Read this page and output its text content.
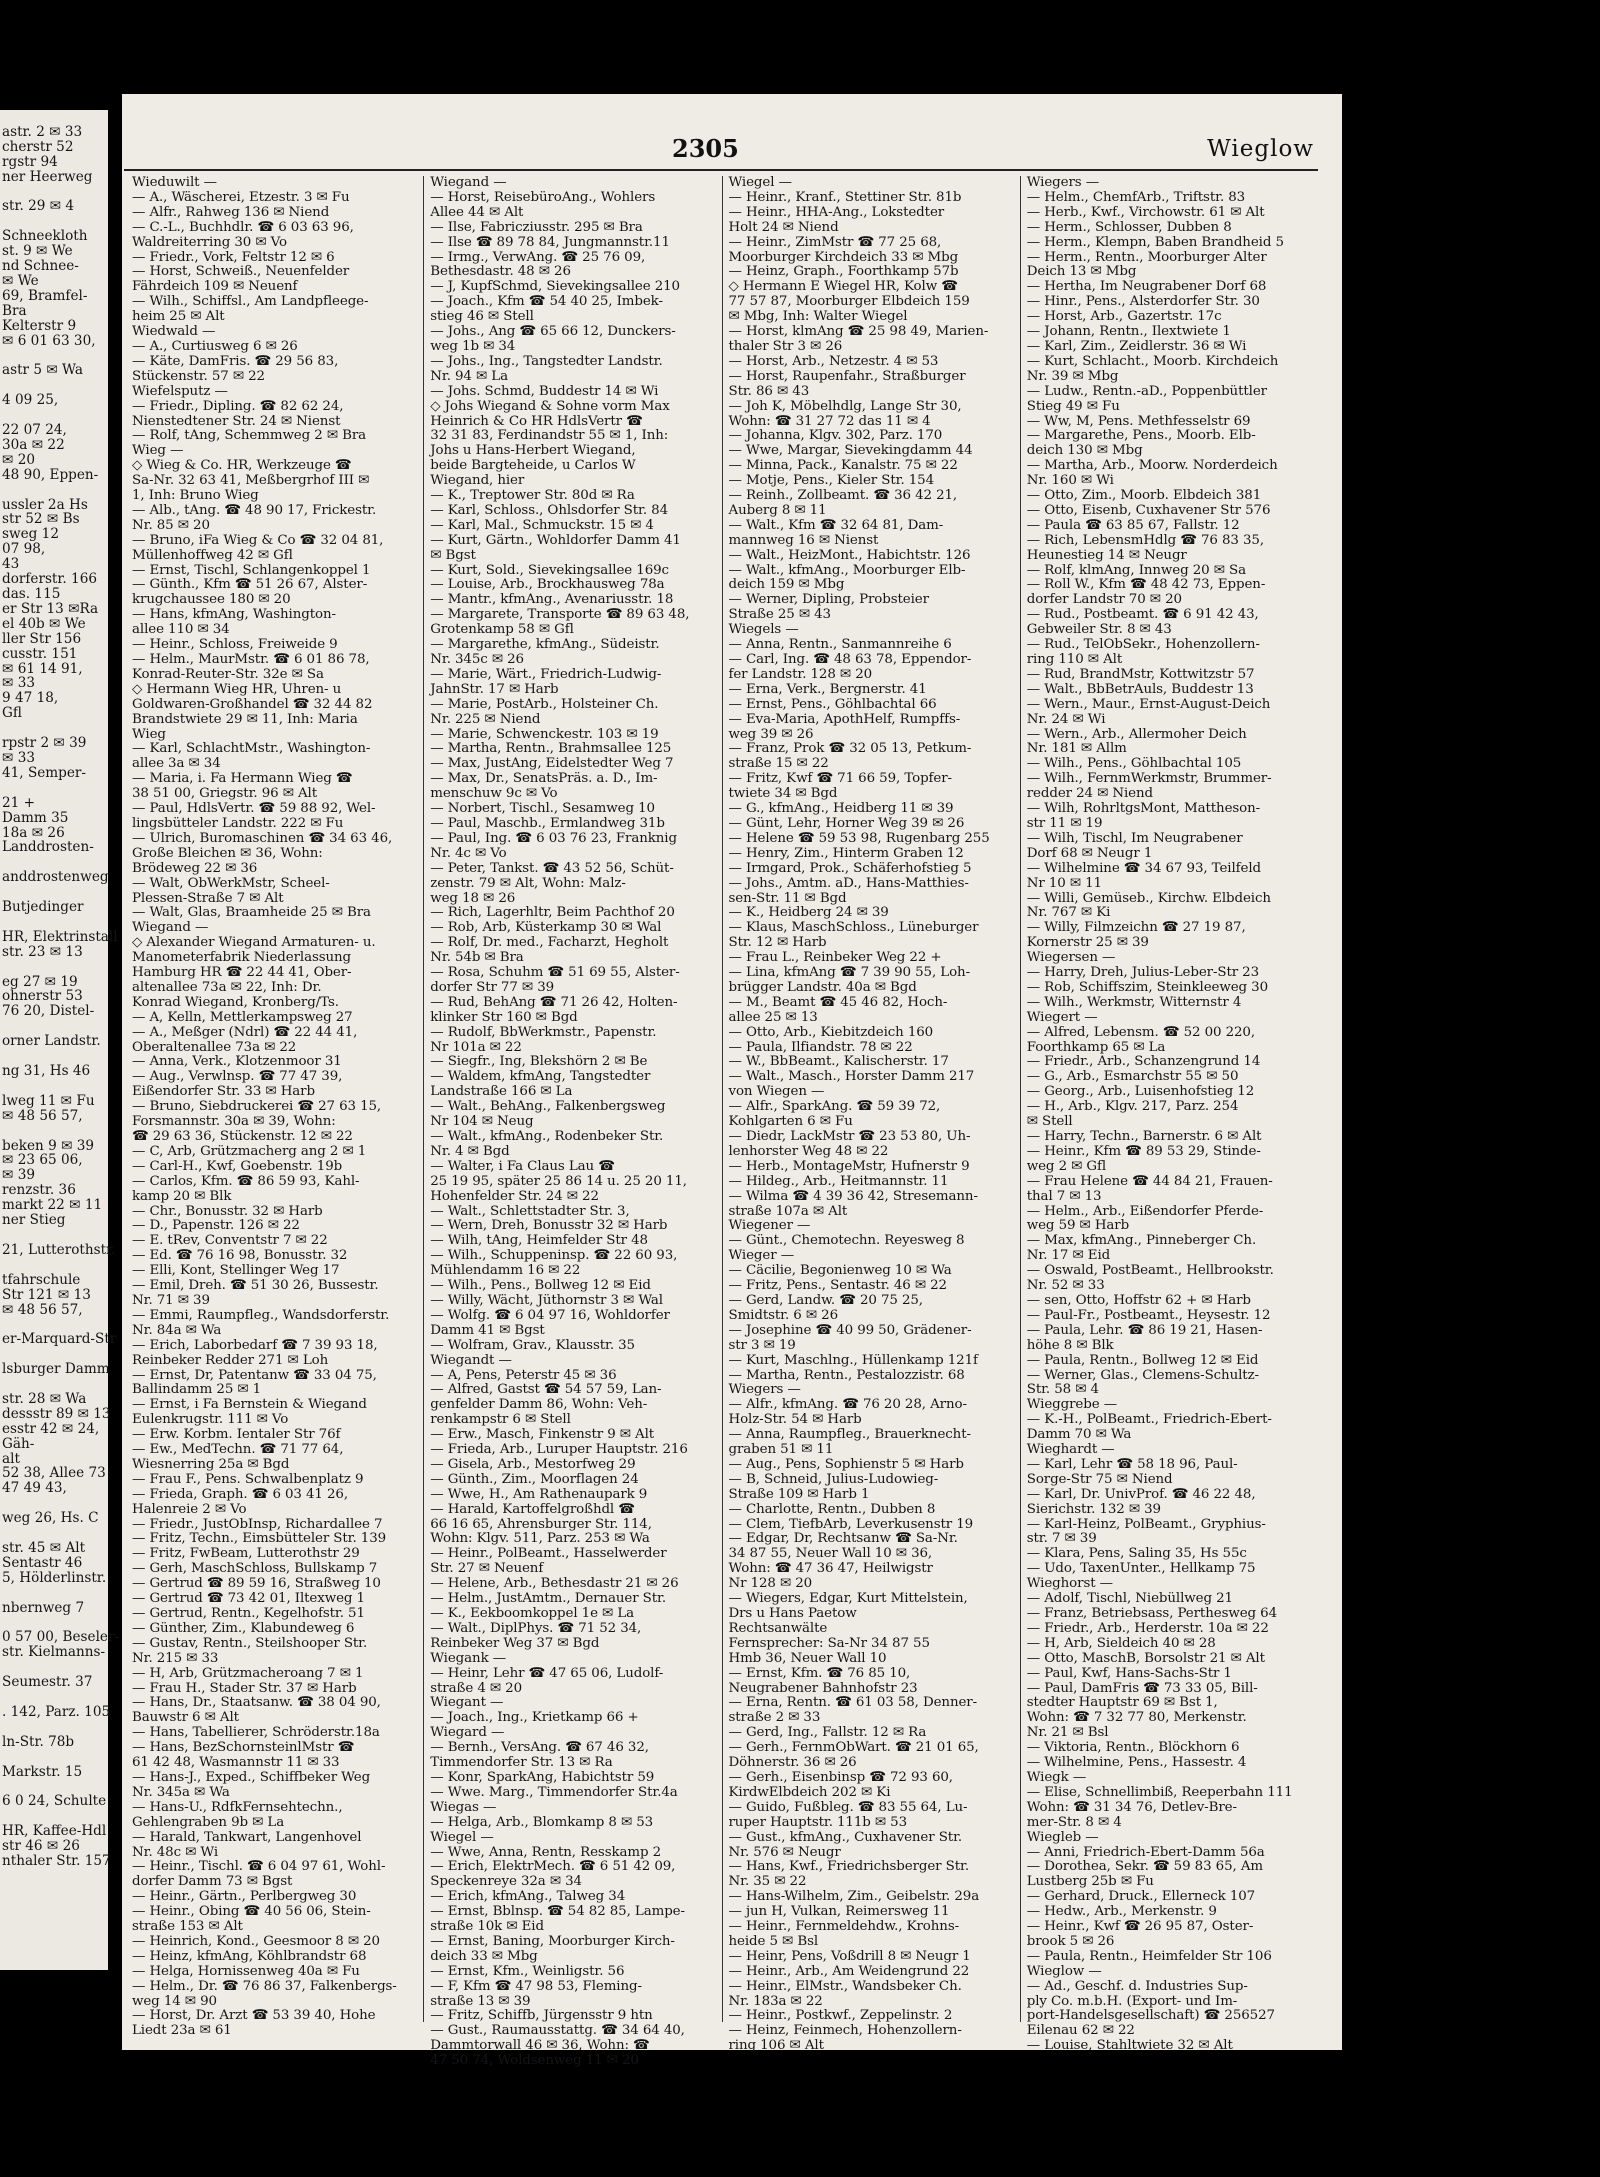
astr. 2 ✉ 33
cherstr 52
rgstr 94
ner Heerweg

str. 29 ✉ 4

Schneekloth
st. 9 ✉ We
nd Schnee-
✉ We
69, Bramfel-
Bra
Kelterstr 9
✉ 6 01 63 30,

astr 5 ✉ Wa

4 09 25,

22 07 24,
30a ✉ 22
✉ 20
48 90, Eppen-

ussler 2a Hs
str 52 ✉ Bs
sweg 12
07 98,
43
dorferstr. 166
das. 115
er Str 13 ✉Ra
el 40b ✉ We
ller Str 156
cusstr. 151
✉ 61 14 91,
✉ 33
9 47 18,
Gfl

rpstr 2 ✉ 39
✉ 33
41, Semper-

21 +
Damm 35
18a ✉ 26
Landdrosten-

anddrostenweg

Butjedinger

HR, Elektrinstall
str. 23 ✉ 13

eg 27 ✉ 19
ohnerstr 53
76 20, Distel-

orner Landstr.

ng 31, Hs 46

lweg 11 ✉ Fu
✉ 48 56 57,

beken 9 ✉ 39
✉ 23 65 06,
✉ 39
renzstr. 36
markt 22 ✉ 11
ner Stieg

21, Lutterothstr.

tfahrschule
Str 121 ✉ 13
✉ 48 56 57,

er-Marquard-Str

lsburger Damm

str. 28 ✉ Wa
dessstr 89 ✉ 13
esstr 42 ✉ 24,
Gäh-
alt
52 38, Allee 73
47 49 43,

weg 26, Hs. C

str. 45 ✉ Alt
Sentastr 46
5, Hölderlinstr.

nbernweg 7

0 57 00, Beseler-
str. Kielmanns-

Seumestr. 37

. 142, Parz. 105

ln-Str. 78b

Markstr. 15

6 0 24, Schulte

HR, Kaffee-Hdl
str 46 ✉ 26
nthaler Str. 157
2305	Wieglow
Wieduwilt —
— A., Wäscherei, Etzestr. 3 ✉ Fu
— Alfr., Rahweg 136 ✉ Niend
— C.-L., Buchhdlr. ☎ 6 03 63 96,
Waldreiterring 30 ✉ Vo
— Friedr., Vork, Feltstr 12 ✉ 6
— Horst, Schweiß., Neuenfelder
Fährdeich 109 ✉ Neuenf
— Wilh., Schiffsl., Am Landpfleege-
heim 25 ✉ Alt
Wiedwald —
— A., Curtiusweg 6 ✉ 26
— Käte, DamFris. ☎ 29 56 83,
Stückenstr. 57 ✉ 22
Wiefelsputz —
— Friedr., Dipling. ☎ 82 62 24,
Nienstedtener Str. 24 ✉ Nienst
— Rolf, tAng, Schemmweg 2 ✉ Bra
Wieg —
◇ Wieg & Co. HR, Werkzeuge ☎
Sa-Nr. 32 63 41, Meßbergrhof III ✉
1, Inh: Bruno Wieg
— Alb., tAng. ☎ 48 90 17, Frickestr.
Nr. 85 ✉ 20
— Bruno, iFa Wieg & Co ☎ 32 04 81,
Müllenhoffweg 42 ✉ Gfl
— Ernst, Tischl, Schlangenkoppel 1
— Günth., Kfm ☎ 51 26 67, Alster-
krugchaussee 180 ✉ 20
— Hans, kfmAng, Washington-
allee 110 ✉ 34
— Heinr., Schloss, Freiweide 9
— Helm., MaurMstr. ☎ 6 01 86 78,
Konrad-Reuter-Str. 32e ✉ Sa
◇ Hermann Wieg HR, Uhren- u
Goldwaren-Großhandel ☎ 32 44 82
Brandstwiete 29 ✉ 11, Inh: Maria
Wieg
— Karl, SchlachtMstr., Washington-
allee 3a ✉ 34
— Maria, i. Fa Hermann Wieg ☎
38 51 00, Griegstr. 96 ✉ Alt
— Paul, HdlsVertr. ☎ 59 88 92, Wel-
lingsbütteler Landstr. 222 ✉ Fu
— Ulrich, Buromaschinen ☎ 34 63 46,
Große Bleichen ✉ 36, Wohn:
Brödeweg 22 ✉ 36
— Walt, ObWerkMstr, Scheel-
Plessen-Straße 7 ✉ Alt
— Walt, Glas, Braamheide 25 ✉ Bra
Wiegand —
◇ Alexander Wiegand Armaturen- u.
Manometerfabrik Niederlassung
Hamburg HR ☎ 22 44 41, Ober-
altenallee 73a ✉ 22, Inh: Dr.
Konrad Wiegand, Kronberg/Ts.
— A, Kelln, Mettlerkampsweg 27
— A., Meßger (Ndrl) ☎ 22 44 41,
Oberaltenallee 73a ✉ 22
— Anna, Verk., Klotzenmoor 31
— Aug., Verwlnsp. ☎ 77 47 39,
Eißendorfer Str. 33 ✉ Harb
— Bruno, Siebdruckerei ☎ 27 63 15,
Forsmannstr. 30a ✉ 39, Wohn:
☎ 29 63 36, Stückenstr. 12 ✉ 22
— C, Arb, Grützmacherg ang 2 ✉ 1
— Carl-H., Kwf, Goebenstr. 19b
— Carlos, Kfm. ☎ 86 59 93, Kahl-
kamp 20 ✉ Blk
— Chr., Bonusstr. 32 ✉ Harb
— D., Papenstr. 126 ✉ 22
— E. tRev, Conventstr 7 ✉ 22
— Ed. ☎ 76 16 98, Bonusstr. 32
— Elli, Kont, Stellinger Weg 17
— Emil, Dreh. ☎ 51 30 26, Bussestr.
Nr. 71 ✉ 39
— Emmi, Raumpfleg., Wandsdorferstr.
Nr. 84a ✉ Wa
— Erich, Laborbedarf ☎ 7 39 93 18,
Reinbeker Redder 271 ✉ Loh
— Ernst, Dr, Patentanw ☎ 33 04 75,
Ballindamm 25 ✉ 1
— Ernst, i Fa Bernstein & Wiegand
Eulenkrugstr. 111 ✉ Vo
— Erw. Korbm. Ientaler Str 76f
— Ew., MedTechn. ☎ 71 77 64,
Wiesnerring 25a ✉ Bgd
— Frau F., Pens. Schwalbenplatz 9
— Frieda, Graph. ☎ 6 03 41 26,
Halenreie 2 ✉ Vo
— Friedr., JustObInsp, Richardallee 7
— Fritz, Techn., Eimsbütteler Str. 139
— Fritz, FwBeam, Lutterothstr 29
— Gerh, MaschSchloss, Bullskamp 7
— Gertrud ☎ 89 59 16, Straßweg 10
— Gertrud ☎ 73 42 01, Iltexweg 1
— Gertrud, Rentn., Kegelhofstr. 51
— Günther, Zim., Klabundeweg 6
— Gustav, Rentn., Steilshooper Str.
Nr. 215 ✉ 33
— H, Arb, Grützmacheroang 7 ✉ 1
— Frau H., Stader Str. 37 ✉ Harb
— Hans, Dr., Staatsanw. ☎ 38 04 90,
Bauwstr 6 ✉ Alt
— Hans, Tabellierer, Schröderstr.18a
— Hans, BezSchornsteinlMstr ☎
61 42 48, Wasmannstr 11 ✉ 33
— Hans-J., Exped., Schiffbeker Weg
Nr. 345a ✉ Wa
— Hans-U., RdfkFernsehtechn.,
Gehlengraben 9b ✉ La
— Harald, Tankwart, Langenhovel
Nr. 48c ✉ Wi
— Heinr., Tischl. ☎ 6 04 97 61, Wohl-
dorfer Damm 73 ✉ Bgst
— Heinr., Gärtn., Perlbergweg 30
— Heinr., Obing ☎ 40 56 06, Stein-
straße 153 ✉ Alt
— Heinrich, Kond., Geesmoor 8 ✉ 20
— Heinz, kfmAng, Köhlbrandstr 68
— Helga, Hornissenweg 40a ✉ Fu
— Helm., Dr. ☎ 76 86 37, Falkenbergs-
weg 14 ✉ 90
— Horst, Dr. Arzt ☎ 53 39 40, Hohe
Liedt 23a ✉ 61
Wiegand —
— Horst, ReisebüroAng., Wohlers
Allee 44 ✉ Alt
— Ilse, Fabricziusstr. 295 ✉ Bra
— Ilse ☎ 89 78 84, Jungmannstr.11
— Irmg., VerwAng. ☎ 25 76 09,
Bethesdastr. 48 ✉ 26
— J, KupfSchmd, Sievekingsallee 210
— Joach., Kfm ☎ 54 40 25, Imbek-
stieg 46 ✉ Stell
— Johs., Ang ☎ 65 66 12, Dunckers-
weg 1b ✉ 34
— Johs., Ing., Tangstedter Landstr.
Nr. 94 ✉ La
— Johs. Schmd, Buddestr 14 ✉ Wi
◇ Johs Wiegand & Sohne vorm Max
Heinrich & Co HR HdlsVertr ☎
32 31 83, Ferdinandstr 55 ✉ 1, Inh:
Johs u Hans-Herbert Wiegand,
beide Bargteheide, u Carlos W
Wiegand, hier
— K., Treptower Str. 80d ✉ Ra
— Karl, Schloss., Ohlsdorfer Str. 84
— Karl, Mal., Schmuckstr. 15 ✉ 4
— Kurt, Gärtn., Wohldorfer Damm 41
✉ Bgst
— Kurt, Sold., Sievekingsallee 169c
— Louise, Arb., Brockhausweg 78a
— Mantr., kfmAng., Avenariusstr. 18
— Margarete, Transporte ☎ 89 63 48,
Grotenkamp 58 ✉ Gfl
— Margarethe, kfmAng., Südeistr.
Nr. 345c ✉ 26
— Marie, Wärt., Friedrich-Ludwig-
JahnStr. 17 ✉ Harb
— Marie, PostArb., Holsteiner Ch.
Nr. 225 ✉ Niend
— Marie, Schwenckestr. 103 ✉ 19
— Martha, Rentn., Brahmsallee 125
— Max, JustAng, Eidelstedter Weg 7
— Max, Dr., SenatsPräs. a. D., Im-
menschuw 9c ✉ Vo
— Norbert, Tischl., Sesamweg 10
— Paul, Maschb., Ermlandweg 31b
— Paul, Ing. ☎ 6 03 76 23, Franknig
Nr. 4c ✉ Vo
— Peter, Tankst. ☎ 43 52 56, Schüt-
zenstr. 79 ✉ Alt, Wohn: Malz-
weg 18 ✉ 26
— Rich, Lagerhltr, Beim Pachthof 20
— Rob, Arb, Küsterkamp 30 ✉ Wal
— Rolf, Dr. med., Facharzt, Hegholt
Nr. 54b ✉ Bra
— Rosa, Schuhm ☎ 51 69 55, Alster-
dorfer Str 77 ✉ 39
— Rud, BehAng ☎ 71 26 42, Holten-
klinker Str 160 ✉ Bgd
— Rudolf, BbWerkmstr., Papenstr.
Nr 101a ✉ 22
— Siegfr., Ing, Blekshörn 2 ✉ Be
— Waldem, kfmAng, Tangstedter
Landstraße 166 ✉ La
— Walt., BehAng., Falkenbergsweg
Nr 104 ✉ Neug
— Walt., kfmAng., Rodenbeker Str.
Nr. 4 ✉ Bgd
— Walter, i Fa Claus Lau ☎
25 19 95, später 25 86 14 u. 25 20 11,
Hohenfelder Str. 24 ✉ 22
— Walt., Schlettstadter Str. 3,
— Wern, Dreh, Bonusstr 32 ✉ Harb
— Wilh, tAng, Heimfelder Str 48
— Wilh., Schuppeninsp. ☎ 22 60 93,
Mühlendamm 16 ✉ 22
— Wilh., Pens., Bollweg 12 ✉ Eid
— Willy, Wächt, Jüthornstr 3 ✉ Wal
— Wolfg. ☎ 6 04 97 16, Wohldorfer
Damm 41 ✉ Bgst
— Wolfram, Grav., Klausstr. 35
Wiegandt —
— A, Pens, Peterstr 45 ✉ 36
— Alfred, Gastst ☎ 54 57 59, Lan-
genfelder Damm 86, Wohn: Veh-
renkampstr 6 ✉ Stell
— Erw., Masch, Finkenstr 9 ✉ Alt
— Frieda, Arb., Luruper Hauptstr. 216
— Gisela, Arb., Mestorfweg 29
— Günth., Zim., Moorflagen 24
— Wwe, H., Am Rathenaupark 9
— Harald, Kartoffelgroßhdl ☎
66 16 65, Ahrensburger Str. 114,
Wohn: Klgv. 511, Parz. 253 ✉ Wa
— Heinr., PolBeamt., Hasselwerder
Str. 27 ✉ Neuenf
— Helene, Arb., Bethesdastr 21 ✉ 26
— Helm., JustAmtm., Dernauer Str.
— K., Eekboomkoppel 1e ✉ La
— Walt., DiplPhys. ☎ 71 52 34,
Reinbeker Weg 37 ✉ Bgd
Wiegank —
— Heinr, Lehr ☎ 47 65 06, Ludolf-
straße 4 ✉ 20
Wiegant —
— Joach., Ing., Krietkamp 66 +
Wiegard —
— Bernh., VersAng. ☎ 67 46 32,
Timmendorfer Str. 13 ✉ Ra
— Konr, SparkAng, Habichtstr 59
— Wwe. Marg., Timmendorfer Str.4a
Wiegas —
— Helga, Arb., Blomkamp 8 ✉ 53
Wiegel —
— Wwe, Anna, Rentn, Resskamp 2
— Erich, ElektrMech. ☎ 6 51 42 09,
Speckenreye 32a ✉ 34
— Erich, kfmAng., Talweg 34
— Ernst, Bblnsp. ☎ 54 82 85, Lampe-
straße 10k ✉ Eid
— Ernst, Baning, Moorburger Kirch-
deich 33 ✉ Mbg
— Ernst, Kfm., Weinligstr. 56
— F, Kfm ☎ 47 98 53, Fleming-
straße 13 ✉ 39
— Fritz, Schiffb, Jürgensstr 9 htn
— Gust., Raumausstattg. ☎ 34 64 40,
Dammtorwall 46 ✉ 36, Wohn: ☎
47 50 74, Woldsenweg 11 ✉ 20
Wiegel —
— Heinr., Kranf., Stettiner Str. 81b
— Heinr., HHA-Ang., Lokstedter
Holt 24 ✉ Niend
— Heinr., ZimMstr ☎ 77 25 68,
Moorburger Kirchdeich 33 ✉ Mbg
— Heinz, Graph., Foorthkamp 57b
◇ Hermann E Wiegel HR, Kolw ☎
77 57 87, Moorburger Elbdeich 159
✉ Mbg, Inh: Walter Wiegel
— Horst, klmAng ☎ 25 98 49, Marien-
thaler Str 3 ✉ 26
— Horst, Arb., Netzestr. 4 ✉ 53
— Horst, Raupenfahr., Straßburger
Str. 86 ✉ 43
— Joh K, Möbelhdlg, Lange Str 30,
Wohn: ☎ 31 27 72 das 11 ✉ 4
— Johanna, Klgv. 302, Parz. 170
— Wwe, Margar, Sievekingdamm 44
— Minna, Pack., Kanalstr. 75 ✉ 22
— Motje, Pens., Kieler Str. 154
— Reinh., Zollbeamt. ☎ 36 42 21,
Auberg 8 ✉ 11
— Walt., Kfm ☎ 32 64 81, Dam-
mannweg 16 ✉ Nienst
— Walt., HeizMont., Habichtstr. 126
— Walt., kfmAng., Moorburger Elb-
deich 159 ✉ Mbg
— Werner, Dipling, Probsteier
Straße 25 ✉ 43
Wiegels —
— Anna, Rentn., Sanmannreihe 6
— Carl, Ing. ☎ 48 63 78, Eppendor-
fer Landstr. 128 ✉ 20
— Erna, Verk., Bergnerstr. 41
— Ernst, Pens., Göhlbachtal 66
— Eva-Maria, ApothHelf, Rumpffs-
weg 39 ✉ 26
— Franz, Prok ☎ 32 05 13, Petkum-
straße 15 ✉ 22
— Fritz, Kwf ☎ 71 66 59, Topfer-
twiete 34 ✉ Bgd
— G., kfmAng., Heidberg 11 ✉ 39
— Günt, Lehr, Horner Weg 39 ✉ 26
— Helene ☎ 59 53 98, Rugenbarg 255
— Henry, Zim., Hinterm Graben 12
— Irmgard, Prok., Schäferhofstieg 5
— Johs., Amtm. aD., Hans-Matthies-
sen-Str. 11 ✉ Bgd
— K., Heidberg 24 ✉ 39
— Klaus, MaschSchloss., Lüneburger
Str. 12 ✉ Harb
— Frau L., Reinbeker Weg 22 +
— Lina, kfmAng ☎ 7 39 90 55, Loh-
brügger Landstr. 40a ✉ Bgd
— M., Beamt ☎ 45 46 82, Hoch-
allee 25 ✉ 13
— Otto, Arb., Kiebitzdeich 160
— Paula, Ilfiandstr. 78 ✉ 22
— W., BbBeamt., Kalischerstr. 17
— Walt., Masch., Horster Damm 217
von Wiegen —
— Alfr., SparkAng. ☎ 59 39 72,
Kohlgarten 6 ✉ Fu
— Diedr, LackMstr ☎ 23 53 80, Uh-
lenhorster Weg 48 ✉ 22
— Herb., MontageMstr, Hufnerstr 9
— Hildeg., Arb., Heitmannstr. 11
— Wilma ☎ 4 39 36 42, Stresemann-
straße 107a ✉ Alt
Wiegener —
— Günt., Chemotechn. Reyesweg 8
Wieger —
— Cäcilie, Begonienweg 10 ✉ Wa
— Fritz, Pens., Sentastr. 46 ✉ 22
— Gerd, Landw. ☎ 20 75 25,
Smidtstr. 6 ✉ 26
— Josephine ☎ 40 99 50, Grädener-
str 3 ✉ 19
— Kurt, Maschlng., Hüllenkamp 121f
— Martha, Rentn., Pestalozzistr. 68
Wiegers —
— Alfr., kfmAng. ☎ 76 20 28, Arno-
Holz-Str. 54 ✉ Harb
— Anna, Raumpfleg., Brauerknecht-
graben 51 ✉ 11
— Aug., Pens, Sophienstr 5 ✉ Harb
— B, Schneid, Julius-Ludowieg-
Straße 109 ✉ Harb 1
— Charlotte, Rentn., Dubben 8
— Clem, TiefbArb, Leverkusenstr 19
— Edgar, Dr, Rechtsanw ☎ Sa-Nr.
34 87 55, Neuer Wall 10 ✉ 36,
Wohn: ☎ 47 36 47, Heilwigstr
Nr 128 ✉ 20
— Wiegers, Edgar, Kurt Mittelstein,
Drs u Hans Paetow
Rechtsanwälte
Fernsprecher: Sa-Nr 34 87 55
Hmb 36, Neuer Wall 10
— Ernst, Kfm. ☎ 76 85 10,
Neugrabener Bahnhofstr 23
— Erna, Rentn. ☎ 61 03 58, Denner-
straße 2 ✉ 33
— Gerd, Ing., Fallstr. 12 ✉ Ra
— Gerh., FernmObWart. ☎ 21 01 65,
Döhnerstr. 36 ✉ 26
— Gerh., Eisenbinsp ☎ 72 93 60,
KirdwElbdeich 202 ✉ Ki
— Guido, Fußbleg. ☎ 83 55 64, Lu-
ruper Hauptstr. 111b ✉ 53
— Gust., kfmAng., Cuxhavener Str.
Nr. 576 ✉ Neugr
— Hans, Kwf., Friedrichsberger Str.
Nr. 35 ✉ 22
— Hans-Wilhelm, Zim., Geibelstr. 29a
— jun H, Vulkan, Reimersweg 11
— Heinr., Fernmeldehdw., Krohns-
heide 5 ✉ Bsl
— Heinr, Pens, Voßdrill 8 ✉ Neugr 1
— Heinr., Arb., Am Weidengrund 22
— Heinr., ElMstr., Wandsbeker Ch.
Nr. 183a ✉ 22
— Heinr., Postkwf., Zeppelinstr. 2
— Heinz, Feinmech, Hohenzollern-
ring 106 ✉ Alt
Wiegers —
— Helm., ChemfArb., Triftstr. 83
— Herb., Kwf., Virchowstr. 61 ✉ Alt
— Herm., Schlosser, Dubben 8
— Herm., Klempn, Baben Brandheid 5
— Herm., Rentn., Moorburger Alter
Deich 13 ✉ Mbg
— Hertha, Im Neugrabener Dorf 68
— Hinr., Pens., Alsterdorfer Str. 30
— Horst, Arb., Gazertstr. 17c
— Johann, Rentn., Ilextwiete 1
— Karl, Zim., Zeidlerstr. 36 ✉ Wi
— Kurt, Schlacht., Moorb. Kirchdeich
Nr. 39 ✉ Mbg
— Ludw., Rentn.-aD., Poppenbüttler
Stieg 49 ✉ Fu
— Ww, M, Pens. Methfesselstr 69
— Margarethe, Pens., Moorb. Elb-
deich 130 ✉ Mbg
— Martha, Arb., Moorw. Norderdeich
Nr. 160 ✉ Wi
— Otto, Zim., Moorb. Elbdeich 381
— Otto, Eisenb, Cuxhavener Str 576
— Paula ☎ 63 85 67, Fallstr. 12
— Rich, LebensmHdlg ☎ 76 83 35,
Heunestieg 14 ✉ Neugr
— Rolf, klmAng, Innweg 20 ✉ Sa
— Roll W., Kfm ☎ 48 42 73, Eppen-
dorfer Landstr 70 ✉ 20
— Rud., Postbeamt. ☎ 6 91 42 43,
Gebweiler Str. 8 ✉ 43
— Rud., TelObSekr., Hohenzollern-
ring 110 ✉ Alt
— Rud, BrandMstr, Kottwitzstr 57
— Walt., BbBetrAuls, Buddestr 13
— Wern., Maur., Ernst-August-Deich
Nr. 24 ✉ Wi
— Wern., Arb., Allermoher Deich
Nr. 181 ✉ Allm
— Wilh., Pens., Göhlbachtal 105
— Wilh., FernmWerkmstr, Brummer-
redder 24 ✉ Niend
— Wilh, RohrltgsMont, Mattheson-
str 11 ✉ 19
— Wilh, Tischl, Im Neugrabener
Dorf 68 ✉ Neugr 1
— Wilhelmine ☎ 34 67 93, Teilfeld
Nr 10 ✉ 11
— Willi, Gemüseb., Kirchw. Elbdeich
Nr. 767 ✉ Ki
— Willy, Filmzeichn ☎ 27 19 87,
Kornerstr 25 ✉ 39
Wiegersen —
— Harry, Dreh, Julius-Leber-Str 23
— Rob, Schiffszim, Steinkleeweg 30
— Wilh., Werkmstr, Witternstr 4
Wiegert —
— Alfred, Lebensm. ☎ 52 00 220,
Foorthkamp 65 ✉ La
— Friedr., Arb., Schanzengrund 14
— G., Arb., Esmarchstr 55 ✉ 50
— Georg., Arb., Luisenhofstieg 12
— H., Arb., Klgv. 217, Parz. 254
✉ Stell
— Harry, Techn., Barnerstr. 6 ✉ Alt
— Heinr., Kfm ☎ 89 53 29, Stinde-
weg 2 ✉ Gfl
— Frau Helene ☎ 44 84 21, Frauen-
thal 7 ✉ 13
— Helm., Arb., Eißendorfer Pferde-
weg 59 ✉ Harb
— Max, kfmAng., Pinneberger Ch.
Nr. 17 ✉ Eid
— Oswald, PostBeamt., Hellbrookstr.
Nr. 52 ✉ 33
— sen, Otto, Hoffstr 62 + ✉ Harb
— Paul-Fr., Postbeamt., Heysestr. 12
— Paula, Lehr. ☎ 86 19 21, Hasen-
höhe 8 ✉ Blk
— Paula, Rentn., Bollweg 12 ✉ Eid
— Werner, Glas., Clemens-Schultz-
Str. 58 ✉ 4
Wieggrebe —
— K.-H., PolBeamt., Friedrich-Ebert-
Damm 70 ✉ Wa
Wieghardt —
— Karl, Lehr ☎ 58 18 96, Paul-
Sorge-Str 75 ✉ Niend
— Karl, Dr. UnivProf. ☎ 46 22 48,
Sierichstr. 132 ✉ 39
— Karl-Heinz, PolBeamt., Gryphius-
str. 7 ✉ 39
— Klara, Pens, Saling 35, Hs 55c
— Udo, TaxenUnter., Hellkamp 75
Wieghorst —
— Adolf, Tischl, Niebüllweg 21
— Franz, Betriebsass, Perthesweg 64
— Friedr., Arb., Herderstr. 10a ✉ 22
— H, Arb, Sieldeich 40 ✉ 28
— Otto, MaschB, Borsolstr 21 ✉ Alt
— Paul, Kwf, Hans-Sachs-Str 1
— Paul, DamFris ☎ 73 33 05, Bill-
stedter Hauptstr 69 ✉ Bst 1,
Wohn: ☎ 7 32 77 80, Merkenstr.
Nr. 21 ✉ Bsl
— Viktoria, Rentn., Blöckhorn 6
— Wilhelmine, Pens., Hassestr. 4
Wiegk —
— Elise, Schnellimbiß, Reeperbahn 111
Wohn: ☎ 31 34 76, Detlev-Bre-
mer-Str. 8 ✉ 4
Wiegleb —
— Anni, Friedrich-Ebert-Damm 56a
— Dorothea, Sekr. ☎ 59 83 65, Am
Lustberg 25b ✉ Fu
— Gerhard, Druck., Ellerneck 107
— Hedw., Arb., Merkenstr. 9
— Heinr., Kwf ☎ 26 95 87, Oster-
brook 5 ✉ 26
— Paula, Rentn., Heimfelder Str 106
Wieglow —
— Ad., Geschf. d. Industries Sup-
ply Co. m.b.H. (Export- und Im-
port-Handelsgesellschaft) ☎ 256527
Eilenau 62 ✉ 22
— Louise, Stahltwiete 32 ✉ Alt
